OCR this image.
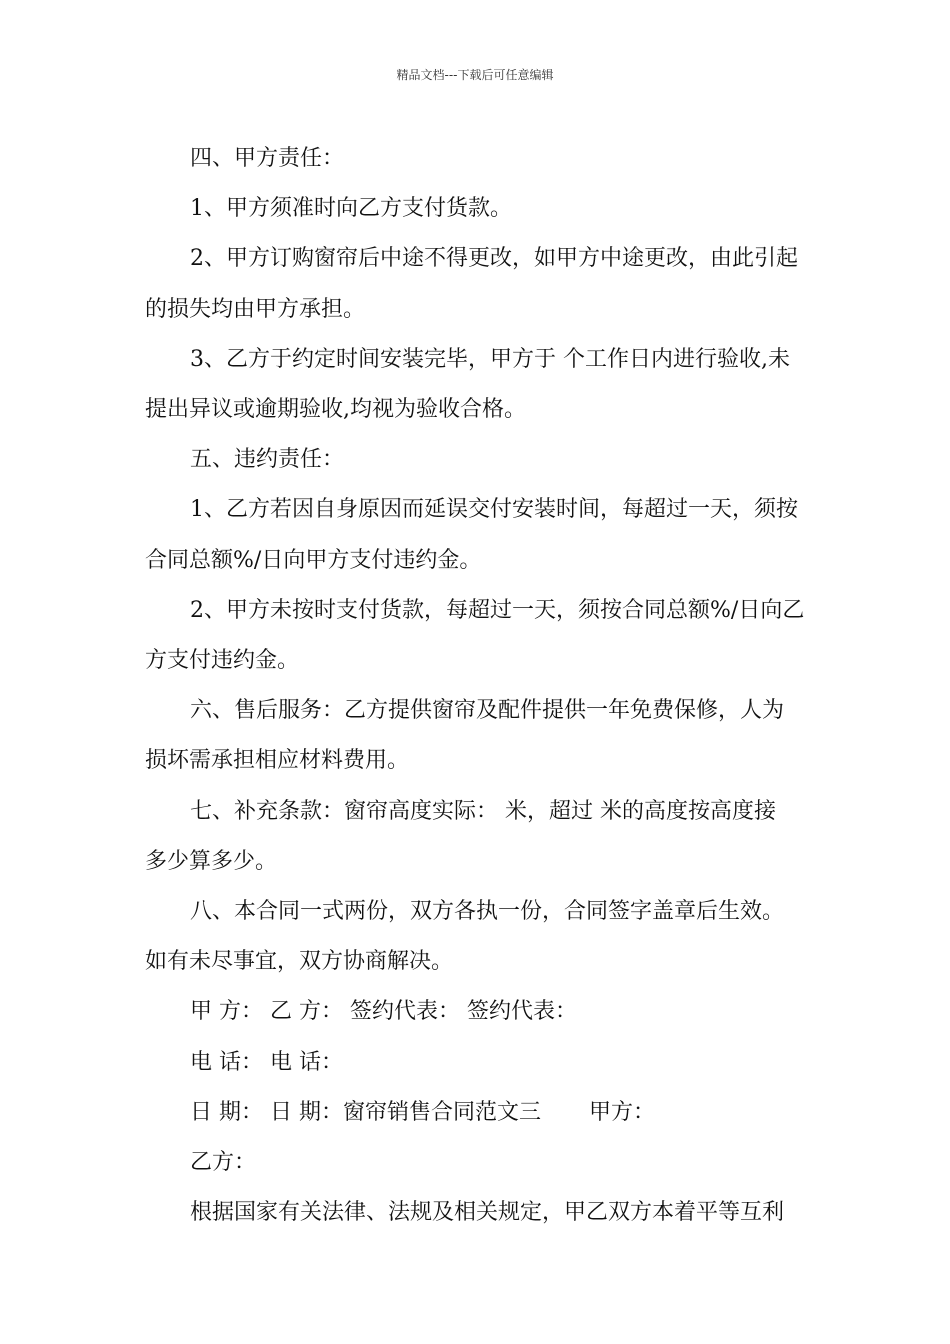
精品文档---下载后可任意编辑

四、甲方责任：

1、甲方须准时向乙方支付货款。

2、甲方订购窗帘后中途不得更改，如甲方中途更改，由此引起

的损失均由甲方承担。

3、乙方于约定时间安装完毕，甲方于 个工作日内进行验收,未

提出异议或逾期验收,均视为验收合格。

五、违约责任：

1、乙方若因自身原因而延误交付安装时间，每超过一天，须按

合同总额%/日向甲方支付违约金。

2、甲方未按时支付货款，每超过一天，须按合同总额%/日向乙

方支付违约金。

六、售后服务：乙方提供窗帘及配件提供一年免费保修，人为

损坏需承担相应材料费用。

七、补充条款：窗帘高度实际： 米，超过 米的高度按高度接

多少算多少。

八、本合同一式两份，双方各执一份，合同签字盖章后生效。

如有未尽事宜，双方协商解决。

甲 方： 乙 方： 签约代表： 签约代表：

电 话： 电 话：

日 期： 日 期：窗帘销售合同范文三 甲方：

乙方：

根据国家有关法律、法规及相关规定，甲乙双方本着平等互利
